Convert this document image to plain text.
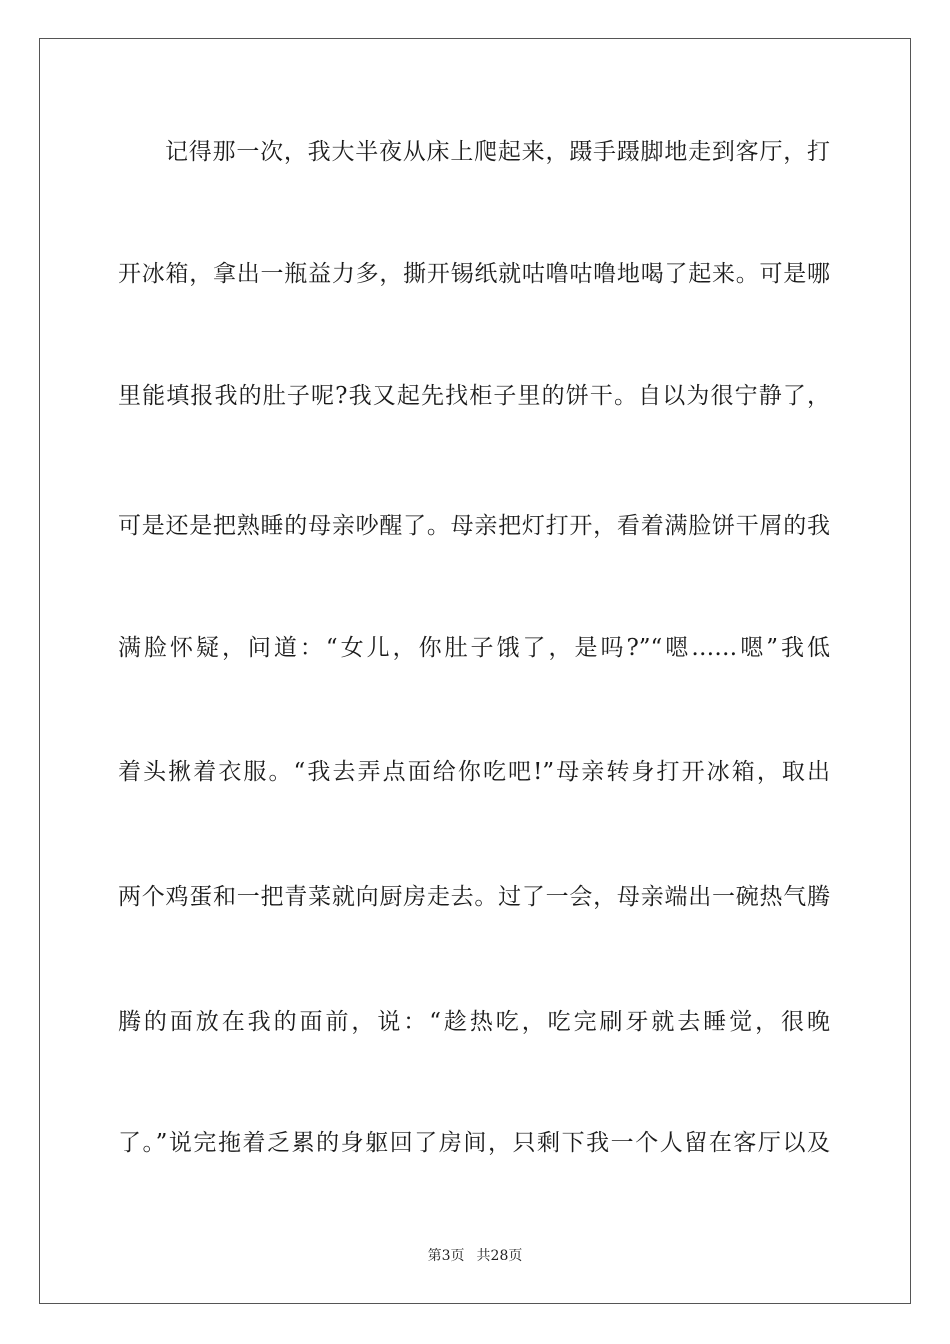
记得那一次，我大半夜从床上爬起来，蹑手蹑脚地走到客厅，打
开冰箱，拿出一瓶益力多，撕开锡纸就咕噜咕噜地喝了起来。可是哪
里能填报我的肚子呢?我又起先找柜子里的饼干。自以为很宁静了，
可是还是把熟睡的母亲吵醒了。母亲把灯打开，看着满脸饼干屑的我
满脸怀疑，问道：“女儿，你肚子饿了，是吗?”“嗯……嗯”我低
着头揪着衣服。“我去弄点面给你吃吧!”母亲转身打开冰箱，取出
两个鸡蛋和一把青菜就向厨房走去。过了一会，母亲端出一碗热气腾
腾的面放在我的面前，说：“趁热吃，吃完刷牙就去睡觉，很晚
了。”说完拖着乏累的身躯回了房间，只剩下我一个人留在客厅以及
第3页 共28页
